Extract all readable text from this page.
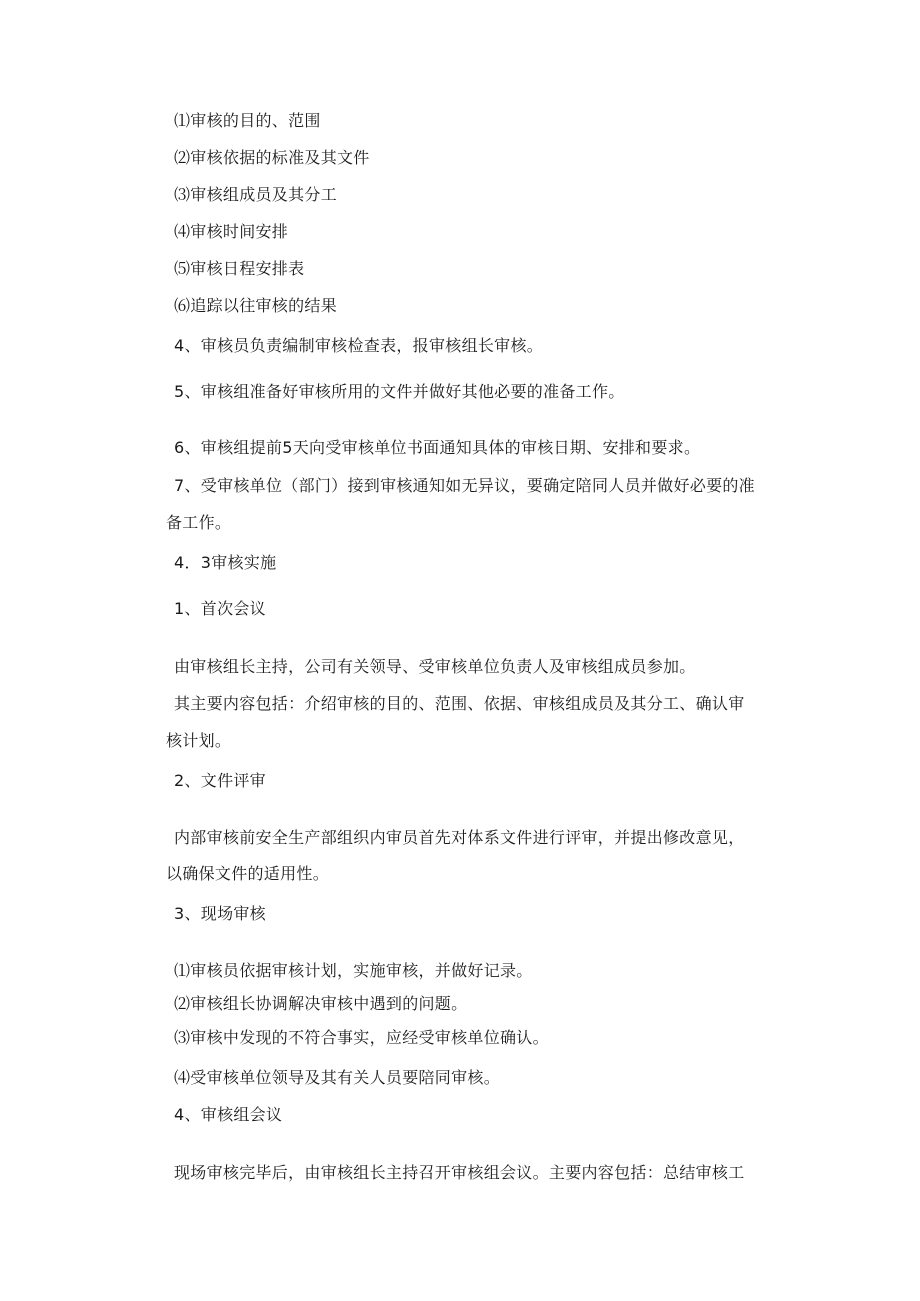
⑴审核的目的、范围
⑵审核依据的标准及其文件
⑶审核组成员及其分工
⑷审核时间安排
⑸审核日程安排表
⑹追踪以往审核的结果
4、审核员负责编制审核检查表，报审核组长审核。
5、审核组准备好审核所用的文件并做好其他必要的准备工作。
6、审核组提前5天向受审核单位书面通知具体的审核日期、安排和要求。
7、受审核单位（部门）接到审核通知如无异议，要确定陪同人员并做好必要的准
备工作。
4．3审核实施
1、首次会议
由审核组长主持，公司有关领导、受审核单位负责人及审核组成员参加。
其主要内容包括：介绍审核的目的、范围、依据、审核组成员及其分工、确认审
核计划。
2、文件评审
内部审核前安全生产部组织内审员首先对体系文件进行评审，并提出修改意见，
以确保文件的适用性。
3、现场审核
⑴审核员依据审核计划，实施审核，并做好记录。
⑵审核组长协调解决审核中遇到的问题。
⑶审核中发现的不符合事实，应经受审核单位确认。
⑷受审核单位领导及其有关人员要陪同审核。
4、审核组会议
现场审核完毕后，由审核组长主持召开审核组会议。主要内容包括：总结审核工
